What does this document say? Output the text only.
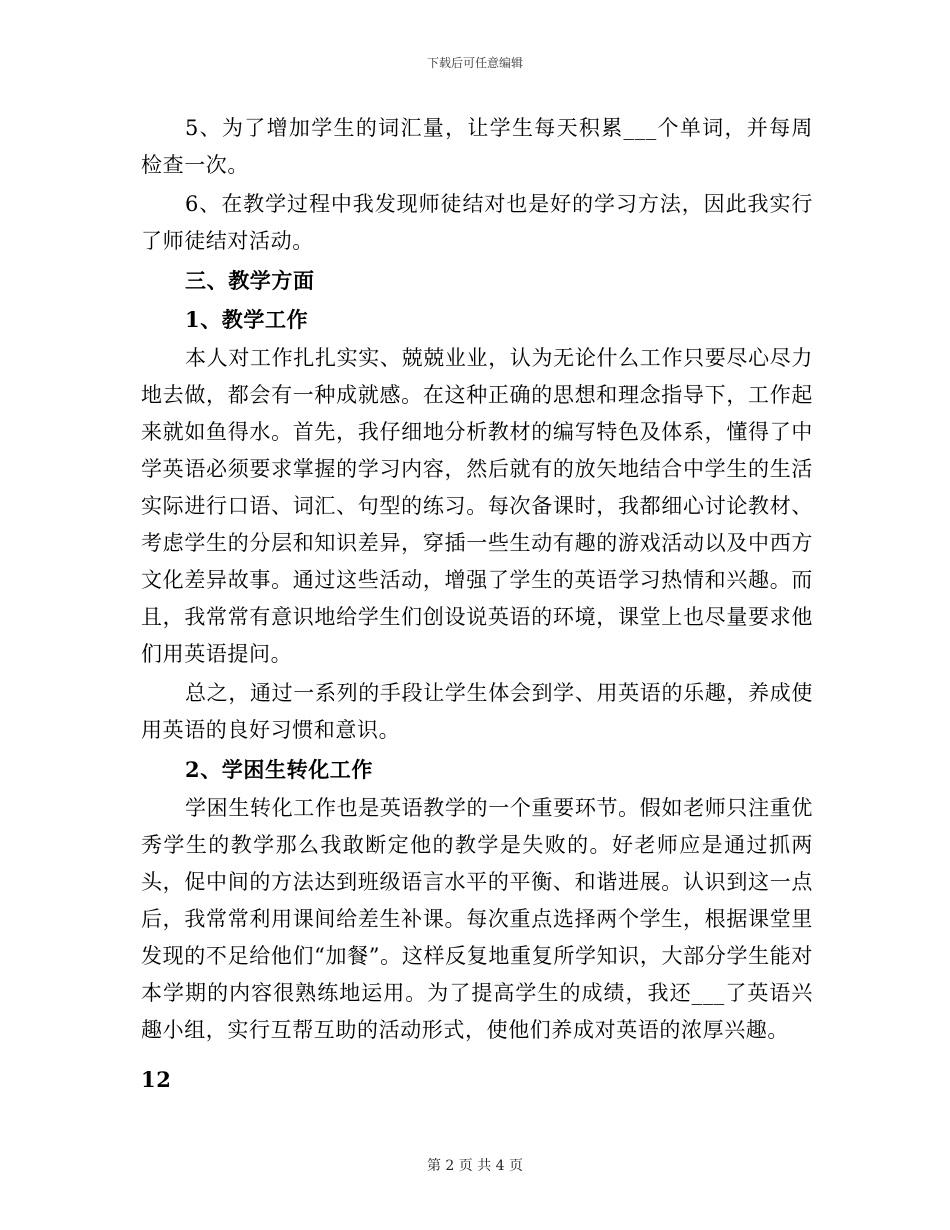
下载后可任意编辑

5、为了增加学生的词汇量，让学生每天积累___个单词，并每周检查一次。

6、在教学过程中我发现师徒结对也是好的学习方法，因此我实行了师徒结对活动。

三、教学方面

1、教学工作

本人对工作扎扎实实、兢兢业业，认为无论什么工作只要尽心尽力地去做，都会有一种成就感。在这种正确的思想和理念指导下，工作起来就如鱼得水。首先，我仔细地分析教材的编写特色及体系，懂得了中学英语必须要求掌握的学习内容，然后就有的放矢地结合中学生的生活实际进行口语、词汇、句型的练习。每次备课时，我都细心讨论教材、考虑学生的分层和知识差异，穿插一些生动有趣的游戏活动以及中西方文化差异故事。通过这些活动，增强了学生的英语学习热情和兴趣。而且，我常常有意识地给学生们创设说英语的环境，课堂上也尽量要求他们用英语提问。

总之，通过一系列的手段让学生体会到学、用英语的乐趣，养成使用英语的良好习惯和意识。

2、学困生转化工作

学困生转化工作也是英语教学的一个重要环节。假如老师只注重优秀学生的教学那么我敢断定他的教学是失败的。好老师应是通过抓两头，促中间的方法达到班级语言水平的平衡、和谐进展。认识到这一点后，我常常利用课间给差生补课。每次重点选择两个学生，根据课堂里发现的不足给他们“加餐”。这样反复地重复所学知识，大部分学生能对本学期的内容很熟练地运用。为了提高学生的成绩，我还___了英语兴趣小组，实行互帮互助的活动形式，使他们养成对英语的浓厚兴趣。

12

第 2 页 共 4 页
